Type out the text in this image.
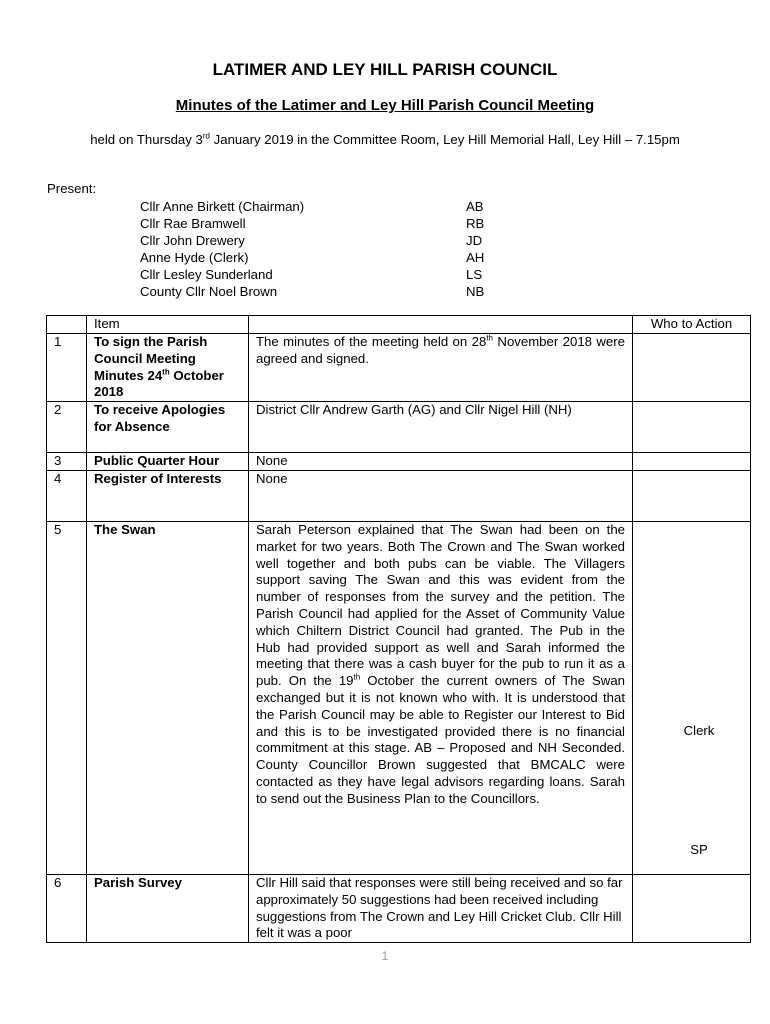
LATIMER AND LEY HILL PARISH COUNCIL
Minutes of the Latimer and Ley Hill Parish Council Meeting
held on Thursday 3rd January 2019 in the Committee Room, Ley Hill Memorial Hall, Ley Hill – 7.15pm
Present:
Cllr Anne Birkett (Chairman)	AB
Cllr Rae Bramwell	RB
Cllr John Drewery	JD
Anne Hyde (Clerk)	AH
Cllr Lesley Sunderland	LS
County Cllr Noel Brown	NB
	Item		Who to Action
1	To sign the Parish Council Meeting Minutes 24th October 2018	The minutes of the meeting held on 28th November 2018 were agreed and signed.	
2	To receive Apologies for Absence	District Cllr Andrew Garth (AG) and Cllr Nigel Hill (NH)	
3	Public Quarter Hour	None	
4	Register of Interests	None	
5	The Swan	Sarah Peterson explained that The Swan had been on the market for two years. Both The Crown and The Swan worked well together and both pubs can be viable. The Villagers support saving The Swan and this was evident from the number of responses from the survey and the petition. The Parish Council had applied for the Asset of Community Value which Chiltern District Council had granted. The Pub in the Hub had provided support as well and Sarah informed the meeting that there was a cash buyer for the pub to run it as a pub. On the 19th October the current owners of The Swan exchanged but it is not known who with. It is understood that the Parish Council may be able to Register our Interest to Bid and this is to be investigated provided there is no financial commitment at this stage. AB – Proposed and NH Seconded. County Councillor Brown suggested that BMCALC were contacted as they have legal advisors regarding loans. Sarah to send out the Business Plan to the Councillors.	Clerk
SP

6	Parish Survey	Cllr Hill said that responses were still being received and so far approximately 50 suggestions had been received including suggestions from The Crown and Ley Hill Cricket Club. Cllr Hill felt it was a poor	
1
